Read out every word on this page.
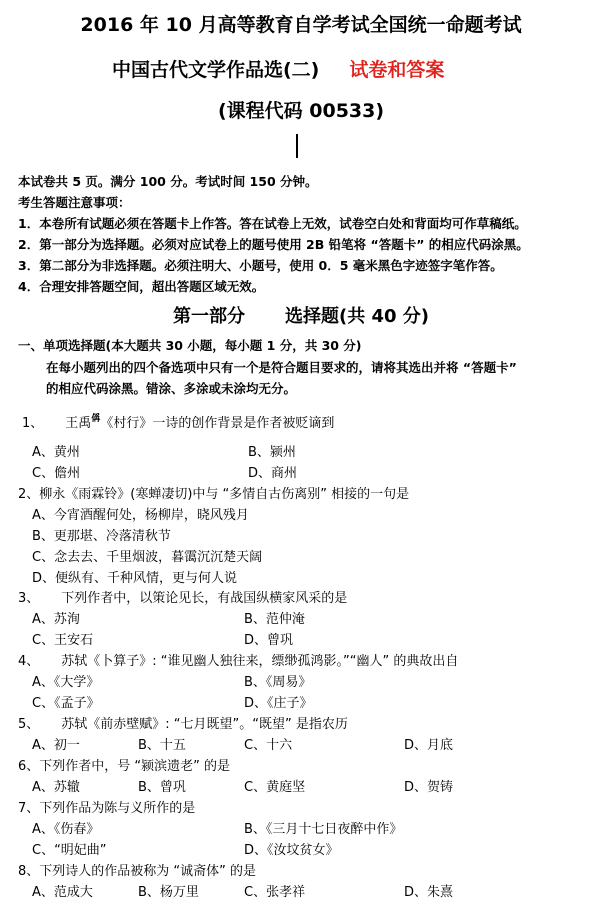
2016 年 10 月高等教育自学考试全国统一命题考试
中国古代文学作品选(二) 试卷和答案
(课程代码 00533)
本试卷共 5 页。满分 100 分。考试时间 150 分钟。
考生答题注意事项：
1．本卷所有试题必须在答题卡上作答。答在试卷上无效，试卷空白处和背面均可作草稿纸。
2．第一部分为选择题。必须对应试卷上的题号使用 2B 铅笔将 “答题卡” 的相应代码涂黑。
3．第二部分为非选择题。必须注明大、小题号，使用 0．5 毫米黑色字迹签字笔作答。
4．合理安排答题空间，超出答题区域无效。
第一部分 选择题(共 40 分)
一、单项选择题(本大题共 30 小题，每小题 1 分，共 30 分)
在每小题列出的四个备选项中只有一个是符合题目要求的，请将其选出并将 “答题卡”
的相应代码涂黑。错涂、多涂或未涂均无分。
1、 王禹$^偁$《村行》一诗的创作背景是作者被贬谪到
A、黄州	B、颍州
C、儋州	D、商州
2、柳永《雨霖铃》(寒蝉凄切)中与 “多情自古伤离别” 相接的一句是
A、今宵酒醒何处，杨柳岸，晓风残月
B、更那堪、冷落清秋节
C、念去去、千里烟波，暮霭沉沉楚天阔
D、便纵有、千种风情，更与何人说
3、 下列作者中，以策论见长，有战国纵横家风采的是
A、苏洵	B、范仲淹
C、王安石	D、曾巩
4、 苏轼《卜算子》: “谁见幽人独往来，缥缈孤鸿影。”“幽人” 的典故出自
A、《大学》	B、《周易》
C、《孟子》	D、《庄子》
5、 苏轼《前赤壁赋》: “七月既望”。“既望” 是指农历
A、初一	B、十五	C、十六	D、月底
6、下列作者中，号 “颍滨遗老” 的是
A、苏辙	B、曾巩	C、黄庭坚	D、贺铸
7、下列作品为陈与义所作的是
A、《伤春》	B、《三月十七日夜醉中作》
C、“明妃曲”	D、《汝坟贫女》
8、下列诗人的作品被称为 “诚斋体” 的是
A、范成大	B、杨万里	C、张孝祥	D、朱熹
